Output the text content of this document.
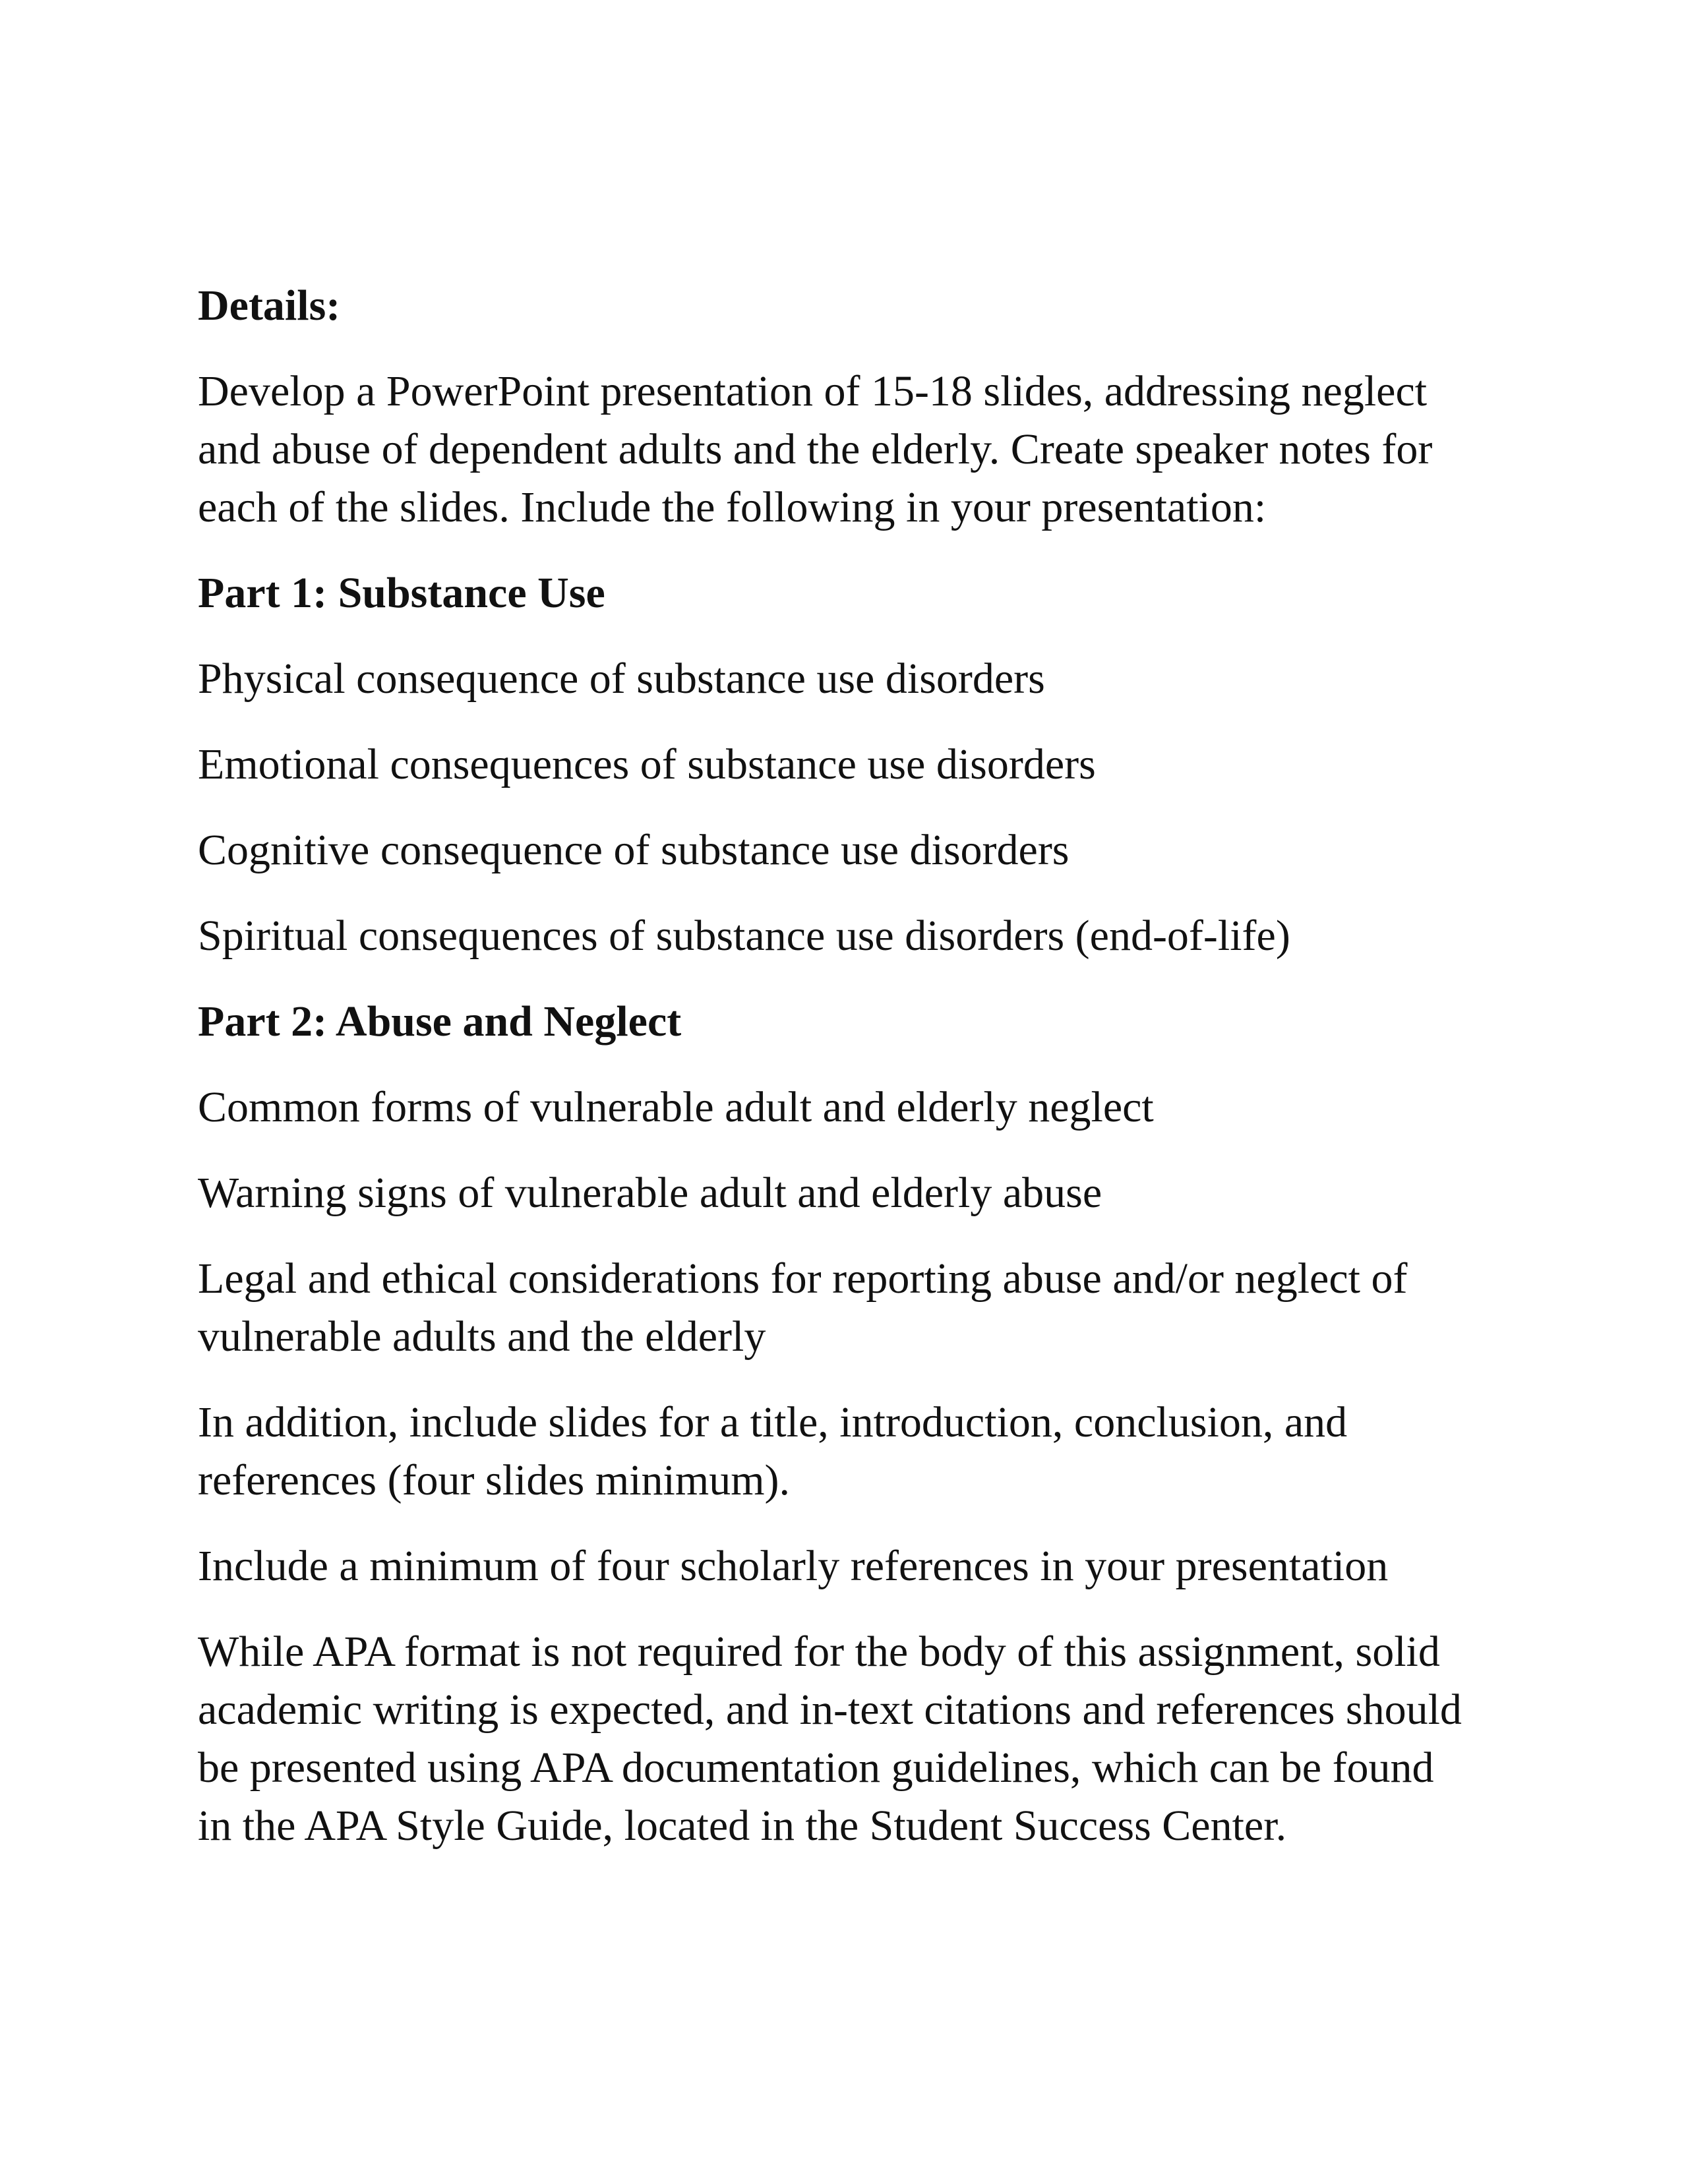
Details:

Develop a PowerPoint presentation of 15-18 slides, addressing neglect
and abuse of dependent adults and the elderly. Create speaker notes for
each of the slides. Include the following in your presentation:

Part 1: Substance Use

Physical consequence of substance use disorders

Emotional consequences of substance use disorders

Cognitive consequence of substance use disorders

Spiritual consequences of substance use disorders (end-of-life)

Part 2: Abuse and Neglect

Common forms of vulnerable adult and elderly neglect

Warning signs of vulnerable adult and elderly abuse

Legal and ethical considerations for reporting abuse and/or neglect of
vulnerable adults and the elderly

In addition, include slides for a title, introduction, conclusion, and
references (four slides minimum).

Include a minimum of four scholarly references in your presentation

While APA format is not required for the body of this assignment, solid
academic writing is expected, and in-text citations and references should
be presented using APA documentation guidelines, which can be found
in the APA Style Guide, located in the Student Success Center.
